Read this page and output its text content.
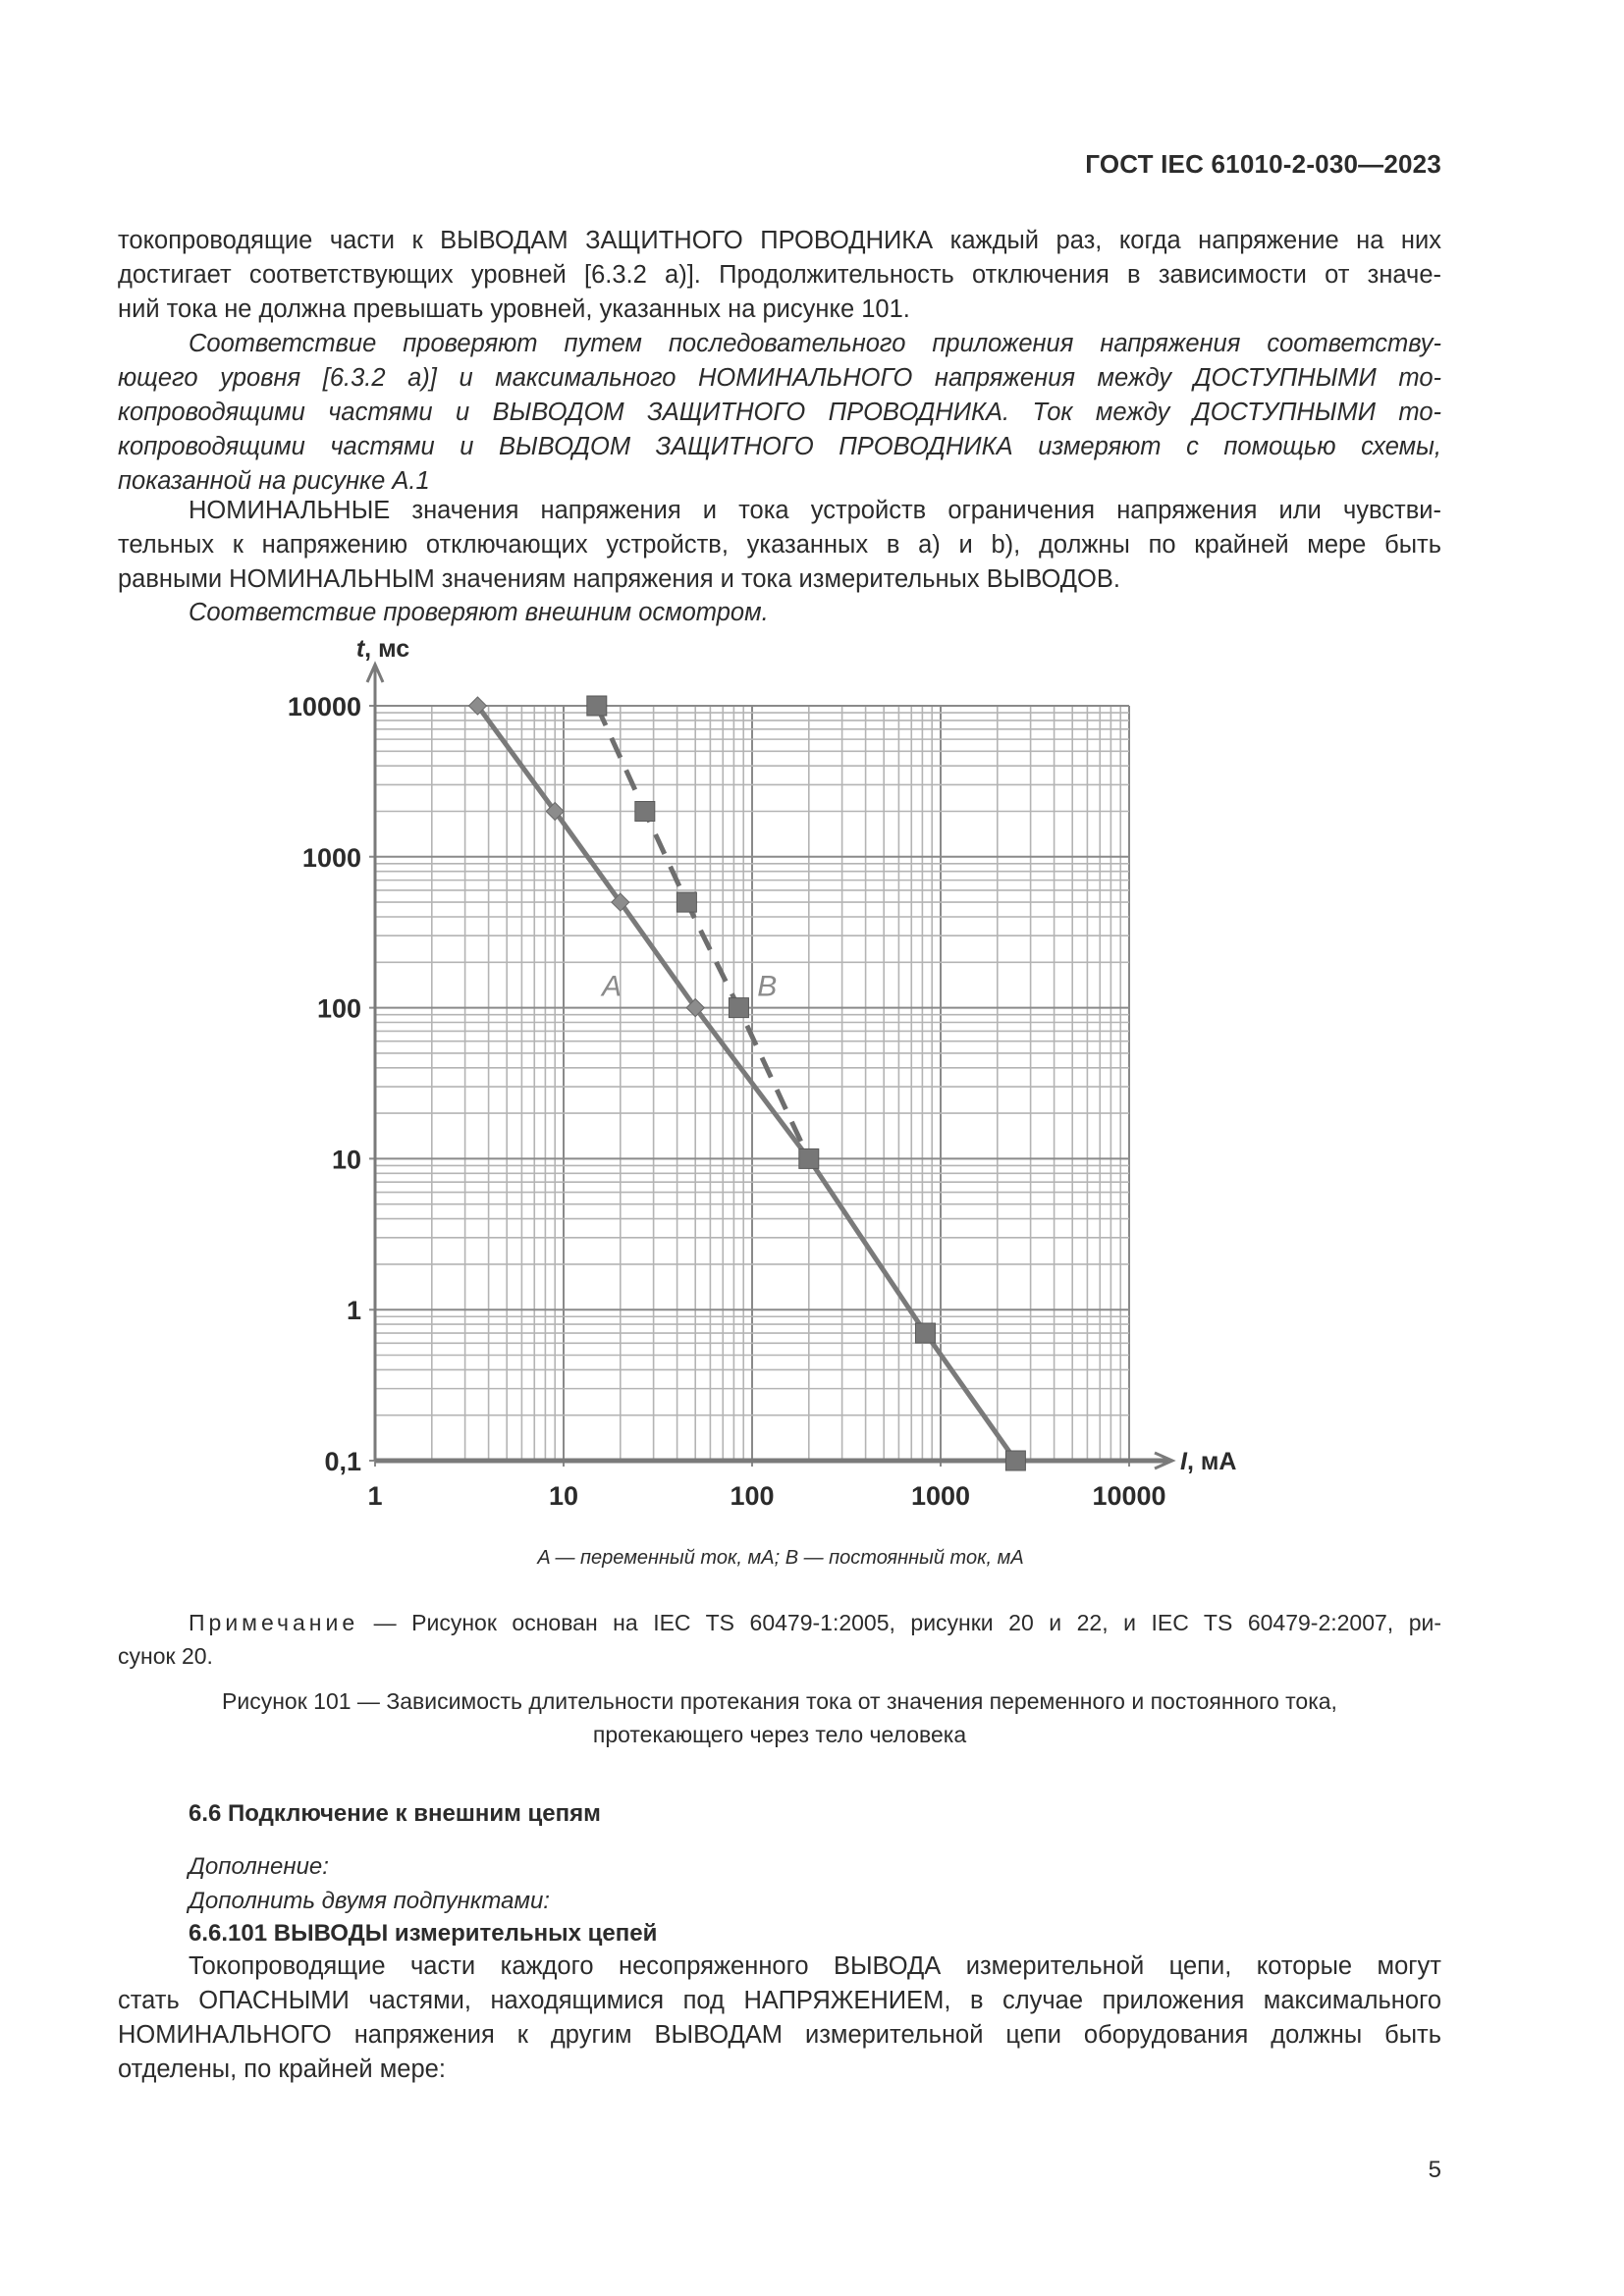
ГОСТ IEC 61010-2-030—2023
токопроводящие части к ВЫВОДАМ ЗАЩИТНОГО ПРОВОДНИКА каждый раз, когда напряжение на них
достигает соответствующих уровней [6.3.2 a)]. Продолжительность отключения в зависимости от значе-
ний тока не должна превышать уровней, указанных на рисунке 101.
Соответствие проверяют путем последовательного приложения напряжения соответству-
ющего уровня [6.3.2 a)] и максимального НОМИНАЛЬНОГО напряжения между ДОСТУПНЫМИ то-
копроводящими частями и ВЫВОДОМ ЗАЩИТНОГО ПРОВОДНИКА. Ток между ДОСТУПНЫМИ то-
копроводящими частями и ВЫВОДОМ ЗАЩИТНОГО ПРОВОДНИКА измеряют с помощью схемы,
показанной на рисунке А.1
НОМИНАЛЬНЫЕ значения напряжения и тока устройств ограничения напряжения или чувстви-
тельных к напряжению отключающих устройств, указанных в a) и b), должны по крайней мере быть
равными НОМИНАЛЬНЫМ значениям напряжения и тока измерительных ВЫВОДОВ.
Соответствие проверяют внешним осмотром.
1	10	100	1000	10000
0,1
1
10
100
1000
10000
t, мс
I, мА
A	B
A — переменный ток, мА; B — постоянный ток, мА
Примечание — Рисунок основан на IEC TS 60479-1:2005, рисунки 20 и 22, и IEC TS 60479-2:2007, ри-
сунок 20.
Рисунок 101 — Зависимость длительности протекания тока от значения переменного и постоянного тока,
протекающего через тело человека
6.6 Подключение к внешним цепям
Дополнение:
Дополнить двумя подпунктами:
6.6.101 ВЫВОДЫ измерительных цепей
Токопроводящие части каждого несопряженного ВЫВОДА измерительной цепи, которые могут
стать ОПАСНЫМИ частями, находящимися под НАПРЯЖЕНИЕМ, в случае приложения максимального
НОМИНАЛЬНОГО напряжения к другим ВЫВОДАМ измерительной цепи оборудования должны быть
отделены, по крайней мере:
5
